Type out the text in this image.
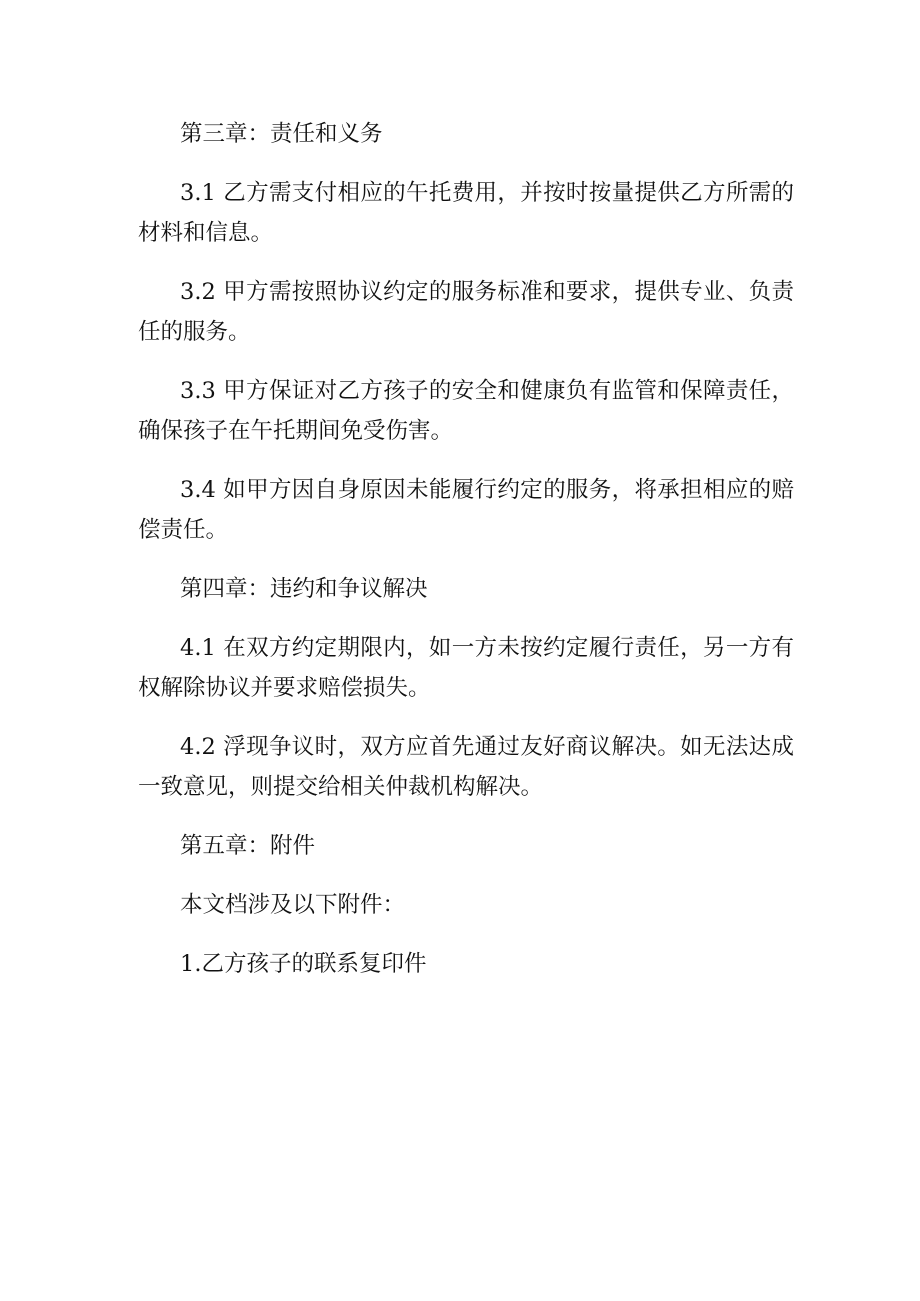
第三章：责任和义务

3.1 乙方需支付相应的午托费用，并按时按量提供乙方所需的材料和信息。

3.2 甲方需按照协议约定的服务标准和要求，提供专业、负责任的服务。

3.3 甲方保证对乙方孩子的安全和健康负有监管和保障责任，确保孩子在午托期间免受伤害。

3.4 如甲方因自身原因未能履行约定的服务，将承担相应的赔偿责任。

第四章：违约和争议解决

4.1 在双方约定期限内，如一方未按约定履行责任，另一方有权解除协议并要求赔偿损失。

4.2 浮现争议时，双方应首先通过友好商议解决。如无法达成一致意见，则提交给相关仲裁机构解决。

第五章：附件

本文档涉及以下附件：

1.乙方孩子的联系复印件
